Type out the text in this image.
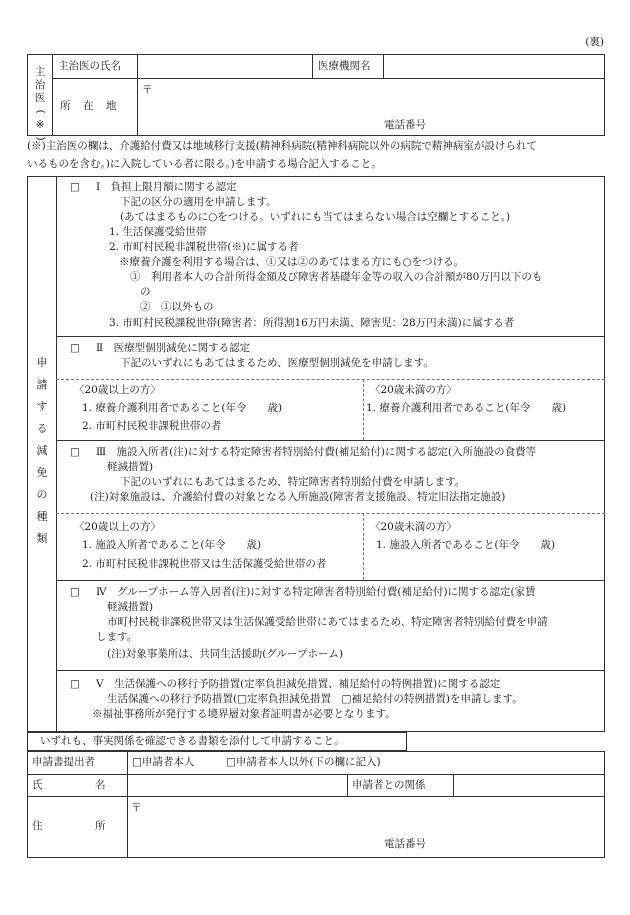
(裏)
主
治
医
(
※
)
主治医の氏名	医療機関名
所　在　地
〒
電話番号
(※)主治医の欄は、介護給付費又は地域移行支援(精神科病院(精神科病院以外の病院で精神病室が設けられて
いるものを含む。)に入院している者に限る。)を申請する場合記入すること。
申
請
す
る
減
免
の
種
類
□ Ⅰ　負担上限月額に関する認定
下記の区分の適用を申請します。
(あてはまるものに○をつける。いずれにも当てはまらない場合は空欄とすること。)
1. 生活保護受給世帯
2. 市町村民税非課税世帯(※)に属する者
※療養介護を利用する場合は、①又は②のあてはまる方にも○をつける。
①　利用者本人の合計所得金額及び障害者基礎年金等の収入の合計額が80万円以下のも
の
②　①以外もの
3. 市町村民税課税世帯(障害者：所得割16万円未満、障害児：28万円未満)に属する者
□ Ⅱ　医療型個別減免に関する認定
下記のいずれにもあてはまるため、医療型個別減免を申請します。
〈20歳以上の方〉
1. 療養介護利用者であること(年令　　歳)
2. 市町村民税非課税世帯の者
〈20歳未満の方〉
1. 療養介護利用者であること(年令　　歳)
□ Ⅲ　施設入所者(注)に対する特定障害者特別給付費(補足給付)に関する認定(入所施設の食費等
軽減措置)
下記のいずれにもあてはまるため、特定障害者特別給付費を申請します。
(注)対象施設は、介護給付費の対象となる入所施設(障害者支援施設、特定旧法指定施設)
〈20歳以上の方〉
1. 施設入所者であること(年令　　歳)
2. 市町村民税非課税世帯又は生活保護受給世帯の者
〈20歳未満の方〉
1. 施設入所者であること(年令　　歳)
□ Ⅳ　グループホーム等入居者(注)に対する特定障害者特別給付費(補足給付)に関する認定(家賃
軽減措置)
市町村民税非課税世帯又は生活保護受給世帯にあてはまるため、特定障害者特別給付費を申請
します。
(注)対象事業所は、共同生活援助(グループホーム)
□ Ⅴ　生活保護への移行予防措置(定率負担減免措置、補足給付の特例措置)に関する認定
生活保護への移行予防措置(□定率負担減免措置　□補足給付の特例措置)を申請します。
※福祉事務所が発行する境界層対象者証明書が必要となります。
いずれも、事実関係を確認できる書類を添付して申請すること。
申請書提出者	□申請者本人	□申請者本人以外(下の欄に記入)
氏　　　　　名	申請者との関係
住　　　　　所
〒
電話番号
